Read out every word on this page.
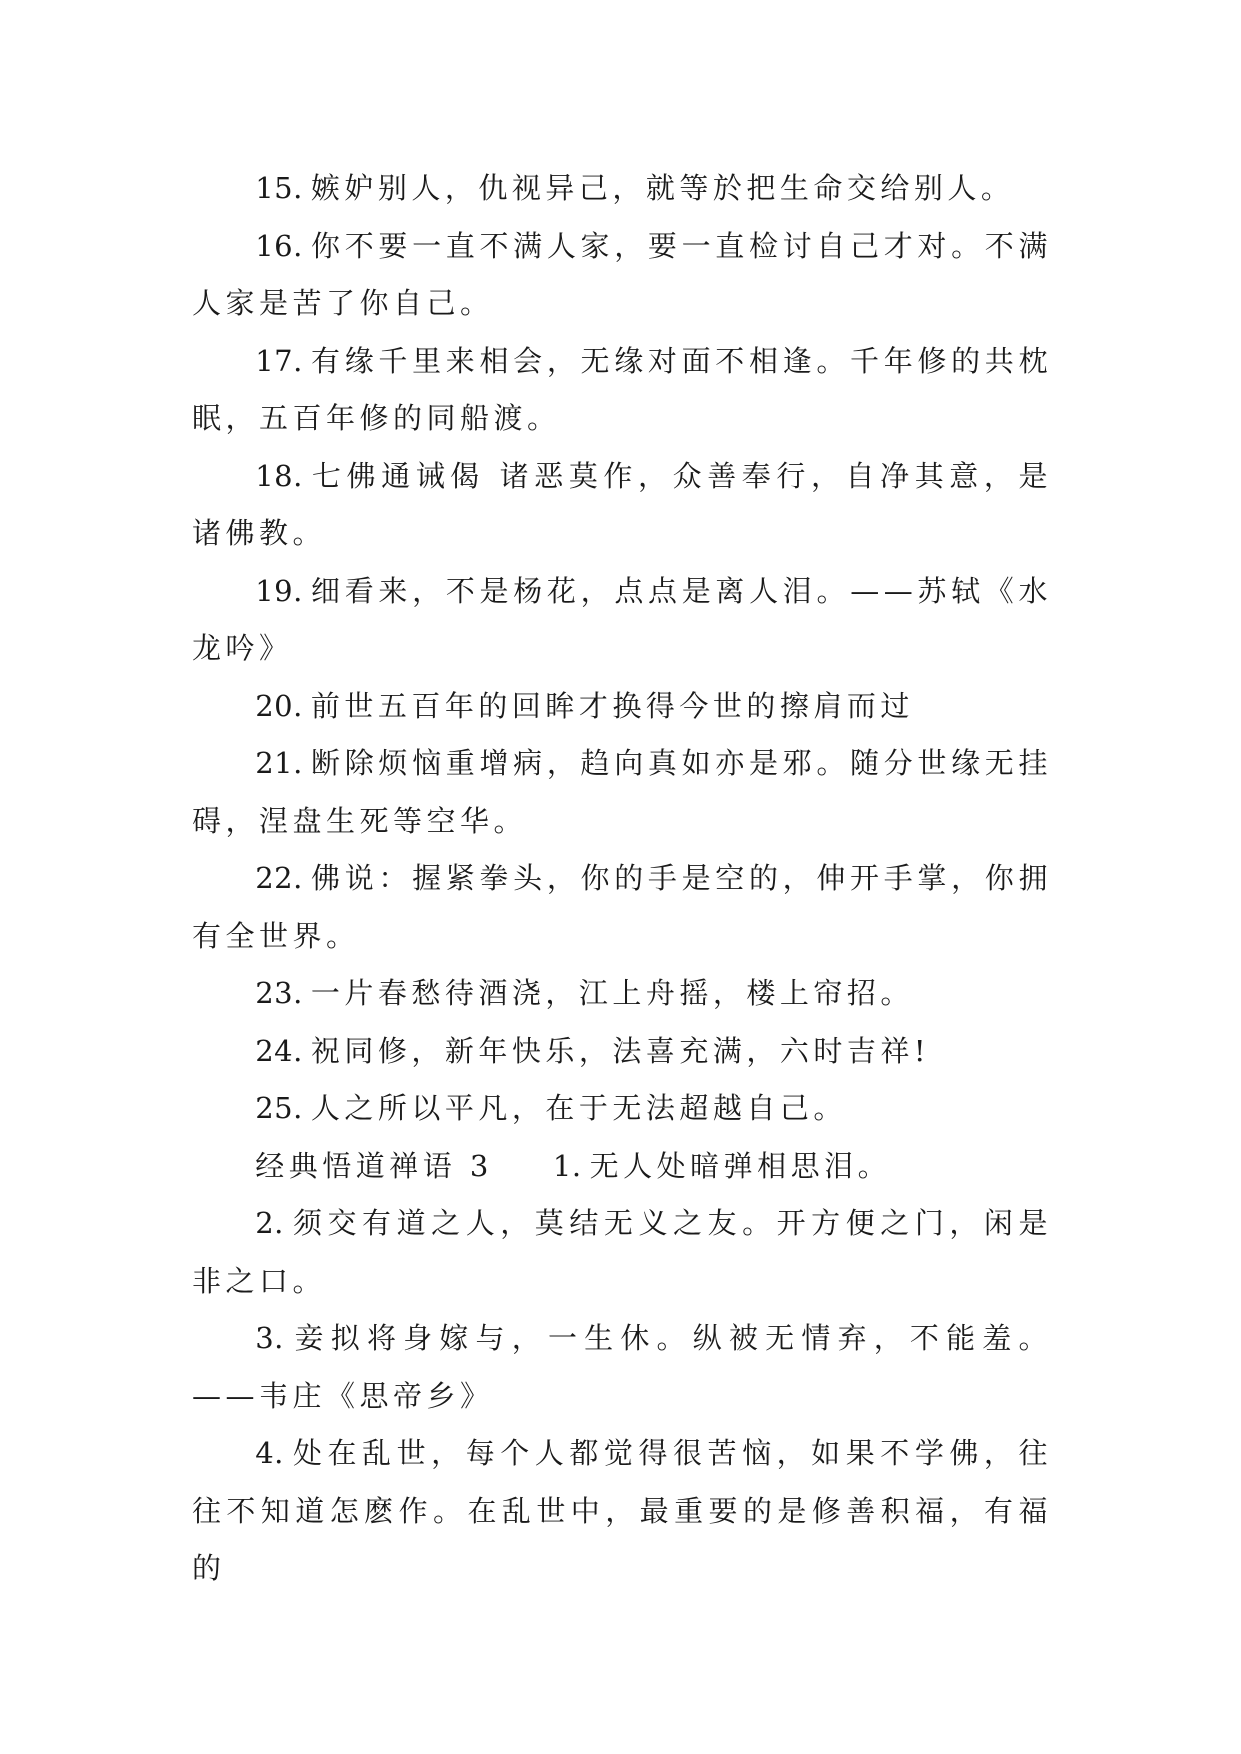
15. 嫉妒别人，仇视异己，就等於把生命交给别人。

16. 你不要一直不满人家，要一直检讨自己才对。不满人家是苦了你自己。

17. 有缘千里来相会，无缘对面不相逢。千年修的共枕眠，五百年修的同船渡。

18. 七佛通诫偈 诸恶莫作，众善奉行，自净其意，是诸佛教。

19. 细看来，不是杨花，点点是离人泪。——苏轼《水龙吟》

20. 前世五百年的回眸才换得今世的擦肩而过

21. 断除烦恼重增病，趋向真如亦是邪。随分世缘无挂碍，涅盘生死等空华。

22. 佛说：握紧拳头，你的手是空的，伸开手掌，你拥有全世界。

23. 一片春愁待酒浇，江上舟摇，楼上帘招。

24. 祝同修，新年快乐，法喜充满，六时吉祥!

25. 人之所以平凡，在于无法超越自己。

经典悟道禅语 3 1. 无人处暗弹相思泪。

2. 须交有道之人，莫结无义之友。开方便之门，闲是非之口。

3. 妾拟将身嫁与，一生休。纵被无情弃，不能羞。——韦庄《思帝乡》

4. 处在乱世，每个人都觉得很苦恼，如果不学佛，往往不知道怎麽作。在乱世中，最重要的是修善积福，有福的
